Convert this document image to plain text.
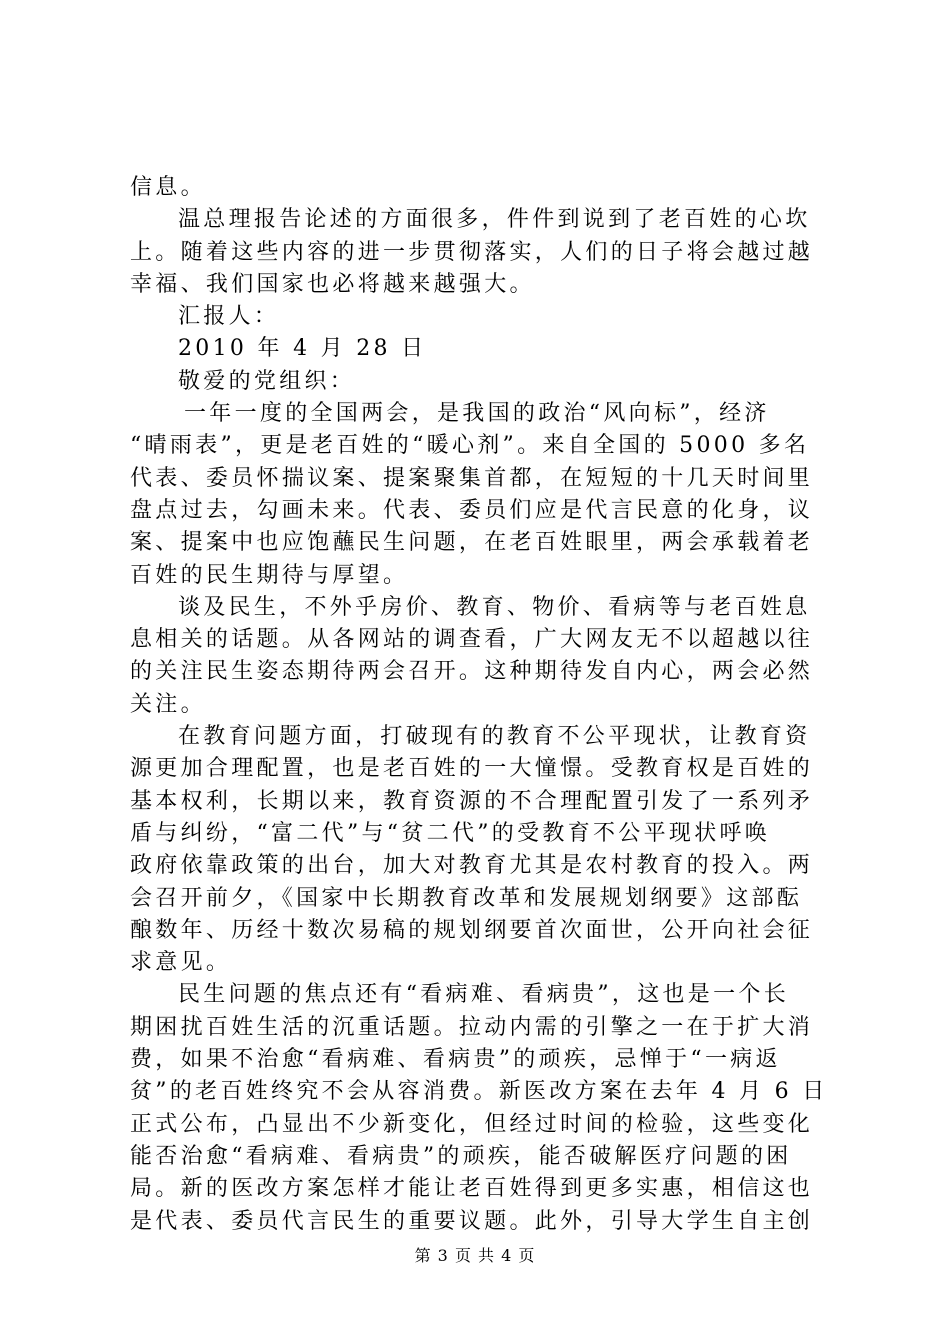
信息。

温总理报告论述的方面很多，件件到说到了老百姓的心坎

上。随着这些内容的进一步贯彻落实，人们的日子将会越过越

幸福、我们国家也必将越来越强大。

汇报人：

2010 年 4 月 28 日

敬爱的党组织：

一年一度的全国两会，是我国的政治“风向标”，经济

“晴雨表”，更是老百姓的“暖心剂”。来自全国的 5000 多名

代表、委员怀揣议案、提案聚集首都，在短短的十几天时间里

盘点过去，勾画未来。代表、委员们应是代言民意的化身，议

案、提案中也应饱蘸民生问题，在老百姓眼里，两会承载着老

百姓的民生期待与厚望。

谈及民生，不外乎房价、教育、物价、看病等与老百姓息

息相关的话题。从各网站的调查看，广大网友无不以超越以往

的关注民生姿态期待两会召开。这种期待发自内心，两会必然

关注。

在教育问题方面，打破现有的教育不公平现状，让教育资

源更加合理配置，也是老百姓的一大憧憬。受教育权是百姓的

基本权利，长期以来，教育资源的不合理配置引发了一系列矛

盾与纠纷，“富二代”与“贫二代”的受教育不公平现状呼唤

政府依靠政策的出台，加大对教育尤其是农村教育的投入。两

会召开前夕，《国家中长期教育改革和发展规划纲要》这部酝

酿数年、历经十数次易稿的规划纲要首次面世，公开向社会征

求意见。

民生问题的焦点还有“看病难、看病贵”，这也是一个长

期困扰百姓生活的沉重话题。拉动内需的引擎之一在于扩大消

费，如果不治愈“看病难、看病贵”的顽疾，忌惮于“一病返

贫”的老百姓终究不会从容消费。新医改方案在去年 4 月 6 日

正式公布，凸显出不少新变化，但经过时间的检验，这些变化

能否治愈“看病难、看病贵”的顽疾，能否破解医疗问题的困

局。新的医改方案怎样才能让老百姓得到更多实惠，相信这也

是代表、委员代言民生的重要议题。此外，引导大学生自主创

第 3 页 共 4 页
